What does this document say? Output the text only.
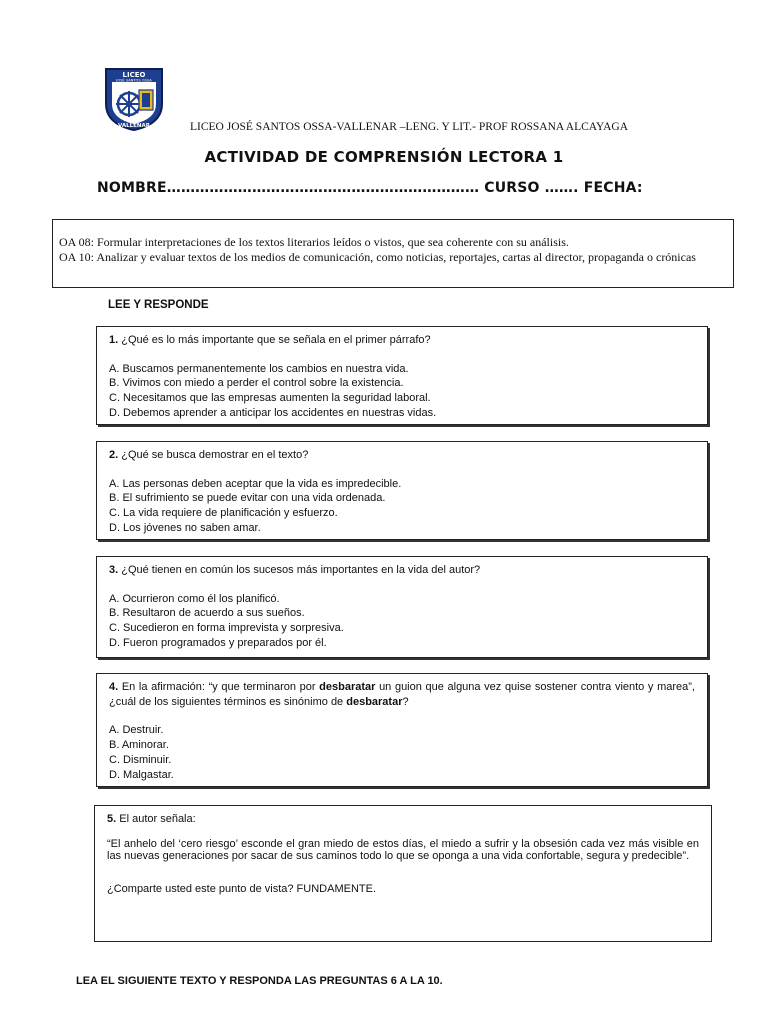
LICEO
JOSÉ SANTOS OSSA
VALLENAR	LICEO JOSÉ SANTOS OSSA-VALLENAR –LENG. Y LIT.- PROF ROSSANA ALCAYAGA
ACTIVIDAD DE COMPRENSIÓN LECTORA 1
NOMBRE………………………………………………………… CURSO ……. FECHA:

OA 08: Formular interpretaciones de los textos literarios leídos o vistos, que sea coherente con su análisis.

OA 10: Analizar y evaluar textos de los medios de comunicación, como noticias, reportajes, cartas al director, propaganda o crónicas

LEE Y RESPONDE

1. ¿Qué es lo más importante que se señala en el primer párrafo?

A. Buscamos permanentemente los cambios en nuestra vida.

B. Vivimos con miedo a perder el control sobre la existencia.

C. Necesitamos que las empresas aumenten la seguridad laboral.

D. Debemos aprender a anticipar los accidentes en nuestras vidas.

2. ¿Qué se busca demostrar en el texto?

A. Las personas deben aceptar que la vida es impredecible.

B. El sufrimiento se puede evitar con una vida ordenada.

C. La vida requiere de planificación y esfuerzo.

D. Los jóvenes no saben amar.

3. ¿Qué tienen en común los sucesos más importantes en la vida del autor?

A. Ocurrieron como él los planificó.

B. Resultaron de acuerdo a sus sueños.

C. Sucedieron en forma imprevista y sorpresiva.

D. Fueron programados y preparados por él.

4. En la afirmación: “y que terminaron por desbaratar un guion que alguna vez quise sostener contra viento y marea”, ¿cuál de los siguientes términos es sinónimo de desbaratar?

A. Destruir.

B. Aminorar.

C. Disminuir.

D. Malgastar.

5. El autor señala:

“El anhelo del ‘cero riesgo’ esconde el gran miedo de estos días, el miedo a sufrir y la obsesión cada vez más visible en las nuevas generaciones por sacar de sus caminos todo lo que se oponga a una vida confortable, segura y predecible”.

¿Comparte usted este punto de vista? FUNDAMENTE.

LEA EL SIGUIENTE TEXTO Y RESPONDA LAS PREGUNTAS 6 A LA 10.
